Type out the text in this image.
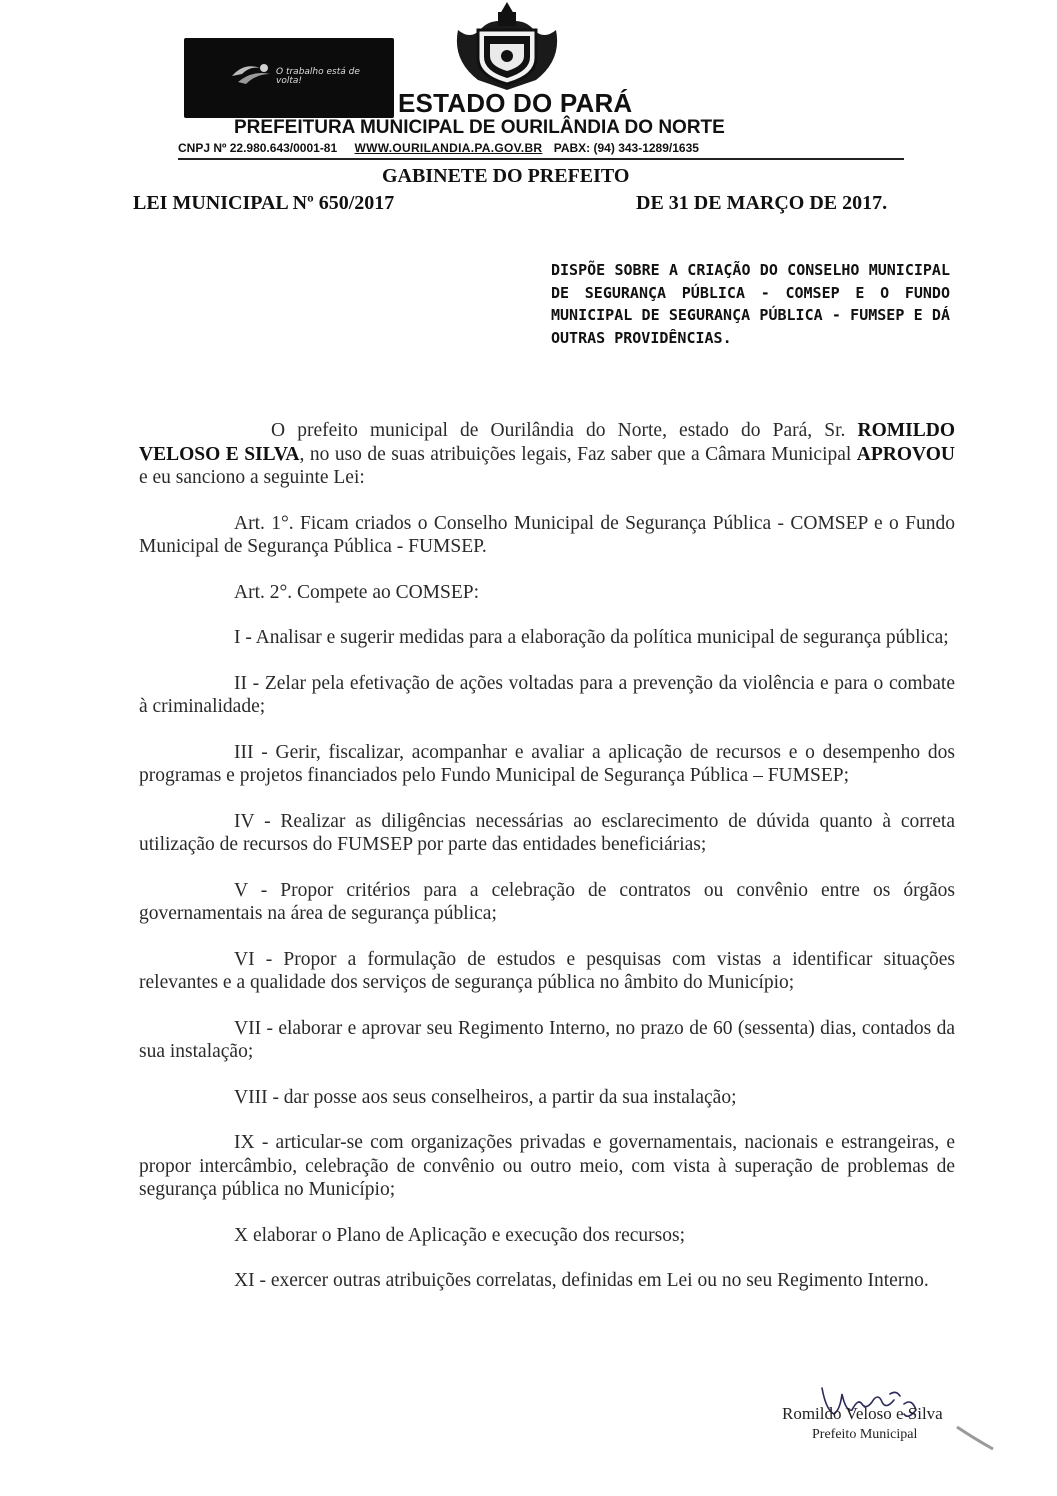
O trabalho está de volta!
ESTADO DO PARÁ
PREFEITURA MUNICIPAL DE OURILÂNDIA DO NORTE
CNPJ Nº 22.980.643/0001-81 WWW.OURILANDIA.PA.GOV.BR PABX: (94) 343-1289/1635
GABINETE DO PREFEITO
LEI MUNICIPAL Nº 650/2017	DE 31 DE MARÇO DE 2017.
DISPÕE SOBRE A CRIAÇÃO DO CONSELHO MUNICIPAL DE SEGURANÇA PÚBLICA - COMSEP E O FUNDO MUNICIPAL DE SEGURANÇA PÚBLICA - FUMSEP E DÁ OUTRAS PROVIDÊNCIAS.

O prefeito municipal de Ourilândia do Norte, estado do Pará, Sr. ROMILDO VELOSO E SILVA, no uso de suas atribuições legais, Faz saber que a Câmara Municipal APROVOU e eu sanciono a seguinte Lei:

Art. 1°. Ficam criados o Conselho Municipal de Segurança Pública - COMSEP e o Fundo Municipal de Segurança Pública - FUMSEP.

Art. 2°. Compete ao COMSEP:

I - Analisar e sugerir medidas para a elaboração da política municipal de segurança pública;

II - Zelar pela efetivação de ações voltadas para a prevenção da violência e para o combate à criminalidade;

III - Gerir, fiscalizar, acompanhar e avaliar a aplicação de recursos e o desempenho dos programas e projetos financiados pelo Fundo Municipal de Segurança Pública – FUMSEP;

IV - Realizar as diligências necessárias ao esclarecimento de dúvida quanto à correta utilização de recursos do FUMSEP por parte das entidades beneficiárias;

V - Propor critérios para a celebração de contratos ou convênio entre os órgãos governamentais na área de segurança pública;

VI - Propor a formulação de estudos e pesquisas com vistas a identificar situações relevantes e a qualidade dos serviços de segurança pública no âmbito do Município;

VII - elaborar e aprovar seu Regimento Interno, no prazo de 60 (sessenta) dias, contados da sua instalação;

VIII - dar posse aos seus conselheiros, a partir da sua instalação;

IX - articular-se com organizações privadas e governamentais, nacionais e estrangeiras, e propor intercâmbio, celebração de convênio ou outro meio, com vista à superação de problemas de segurança pública no Município;

X elaborar o Plano de Aplicação e execução dos recursos;

XI - exercer outras atribuições correlatas, definidas em Lei ou no seu Regimento Interno.

Romildo Veloso e Silva
Prefeito Municipal
